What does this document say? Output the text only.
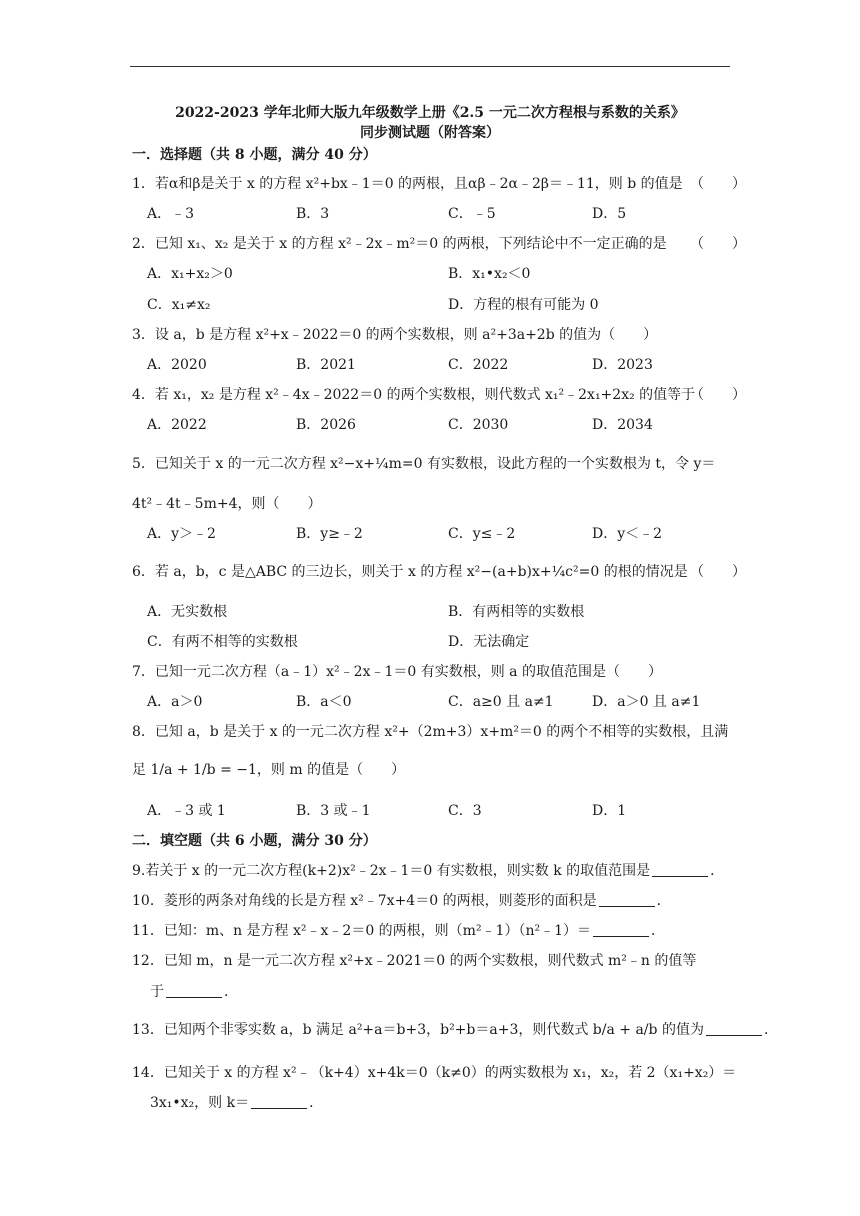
2022-2023 学年北师大版九年级数学上册《2.5 一元二次方程根与系数的关系》
同步测试题（附答案）
一．选择题（共 8 小题，满分 40 分）
1．若α和β是关于 x 的方程 x²+bx﹣1＝0 的两根，且αβ﹣2α﹣2β＝﹣11，则 b 的值是 （　　）
A．﹣3	B．3	C．﹣5	D．5
2．已知 x₁、x₂ 是关于 x 的方程 x²﹣2x﹣m²＝0 的两根，下列结论中不一定正确的是 （　　）
A．x₁+x₂＞0	B．x₁•x₂＜0
C．x₁≠x₂	D．方程的根有可能为 0
3．设 a，b 是方程 x²+x﹣2022＝0 的两个实数根，则 a²+3a+2b 的值为（　　）
A．2020	B．2021	C．2022	D．2023
4．若 x₁，x₂ 是方程 x²﹣4x﹣2022＝0 的两个实数根，则代数式 x₁²﹣2x₁+2x₂ 的值等于
（　　）
A．2022	B．2026	C．2030	D．2034
5．已知关于 x 的一元二次方程 x²−x+¼m=0 有实数根，设此方程的一个实数根为 t，令 y＝
4t²﹣4t﹣5m+4，则（　　）
A．y＞﹣2	B．y≥﹣2	C．y≤﹣2	D．y＜﹣2
6．若 a，b，c 是△ABC 的三边长，则关于 x 的方程 x²−(a+b)x+¼c²=0 的根的情况是 （　　）
A．无实数根	B．有两相等的实数根
C．有两不相等的实数根	D．无法确定
7．已知一元二次方程（a﹣1）x²﹣2x﹣1＝0 有实数根，则 a 的取值范围是（　　）
A．a＞0	B．a＜0	C．a≥0 且 a≠1	D．a＞0 且 a≠1
8．已知 a，b 是关于 x 的一元二次方程 x²+（2m+3）x+m²＝0 的两个不相等的实数根，且满
足 1/a + 1/b = −1，则 m 的值是（　　）
A．﹣3 或 1	B．3 或﹣1	C．3	D．1
二．填空题（共 6 小题，满分 30 分）
9.若关于 x 的一元二次方程(k+2)x²﹣2x﹣1＝0 有实数根，则实数 k 的取值范围是	．
10．菱形的两条对角线的长是方程 x²﹣7x+4＝0 的两根，则菱形的面积是	．
11．已知：m、n 是方程 x²﹣x﹣2＝0 的两根，则（m²﹣1）（n²﹣1）＝	．
12．已知 m，n 是一元二次方程 x²+x﹣2021＝0 的两个实数根，则代数式 m²﹣n 的值等
于	．
13．已知两个非零实数 a，b 满足 a²+a＝b+3，b²+b＝a+3，则代数式 b/a + a/b 的值为	．
14．已知关于 x 的方程 x²﹣（k+4）x+4k＝0（k≠0）的两实数根为 x₁，x₂，若 2（x₁+x₂）＝
3x₁•x₂，则 k＝	．
